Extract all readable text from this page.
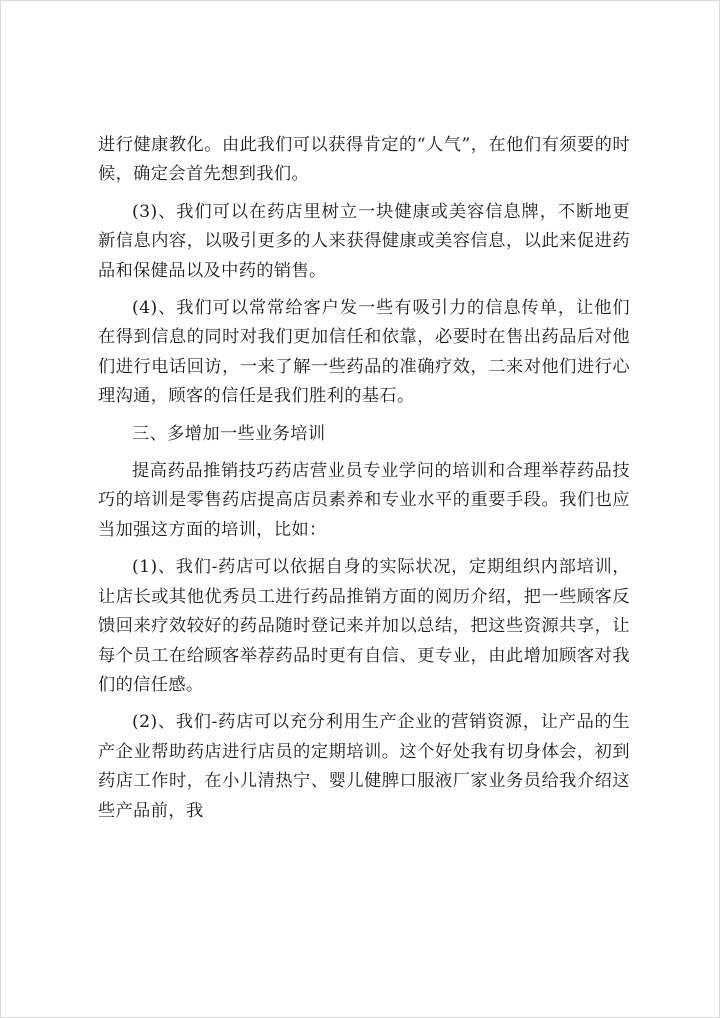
进行健康教化。由此我们可以获得肯定的“人气”，在他们有须要的时候，确定会首先想到我们。

(3)、我们可以在药店里树立一块健康或美容信息牌，不断地更新信息内容，以吸引更多的人来获得健康或美容信息，以此来促进药品和保健品以及中药的销售。

(4)、我们可以常常给客户发一些有吸引力的信息传单，让他们在得到信息的同时对我们更加信任和依靠，必要时在售出药品后对他们进行电话回访，一来了解一些药品的准确疗效，二来对他们进行心理沟通，顾客的信任是我们胜利的基石。

三、多增加一些业务培训

提高药品推销技巧药店营业员专业学问的培训和合理举荐药品技巧的培训是零售药店提高店员素养和专业水平的重要手段。我们也应当加强这方面的培训，比如：

(1)、我们-药店可以依据自身的实际状况，定期组织内部培训，让店长或其他优秀员工进行药品推销方面的阅历介绍，把一些顾客反馈回来疗效较好的药品随时登记来并加以总结，把这些资源共享，让每个员工在给顾客举荐药品时更有自信、更专业，由此增加顾客对我们的信任感。

(2)、我们-药店可以充分利用生产企业的营销资源，让产品的生产企业帮助药店进行店员的定期培训。这个好处我有切身体会，初到药店工作时，在小儿清热宁、婴儿健脾口服液厂家业务员给我介绍这些产品前，我
